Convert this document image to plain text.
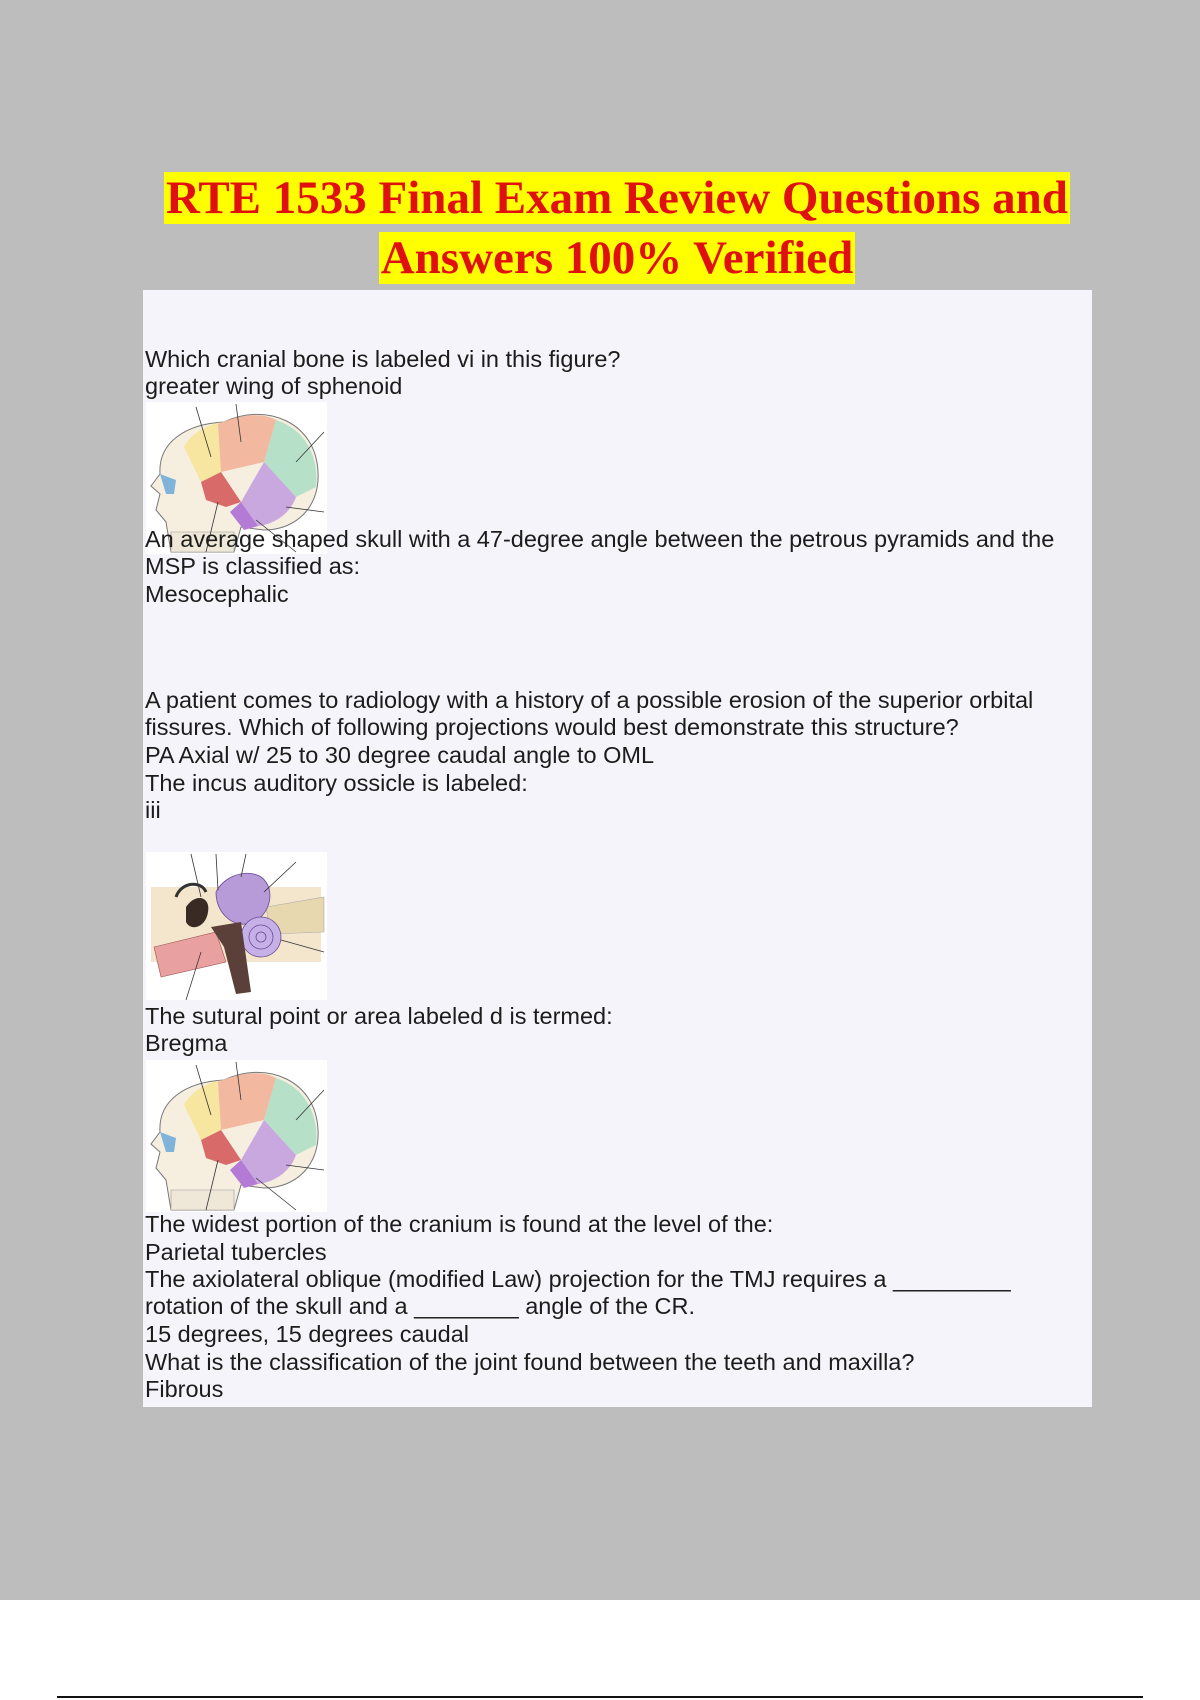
RTE 1533 Final Exam Review Questions and
Answers 100% Verified

Which cranial bone is labeled vi in this figure?

greater wing of sphenoid

An average shaped skull with a 47-degree angle between the petrous pyramids and the

MSP is classified as:

Mesocephalic

A patient comes to radiology with a history of a possible erosion of the superior orbital

fissures. Which of following projections would best demonstrate this structure?

PA Axial w/ 25 to 30 degree caudal angle to OML

The incus auditory ossicle is labeled:

iii

The sutural point or area labeled d is termed:

Bregma

The widest portion of the cranium is found at the level of the:

Parietal tubercles

The axiolateral oblique (modified Law) projection for the TMJ requires a _________

rotation of the skull and a ________ angle of the CR.

15 degrees, 15 degrees caudal

What is the classification of the joint found between the teeth and maxilla?

Fibrous
